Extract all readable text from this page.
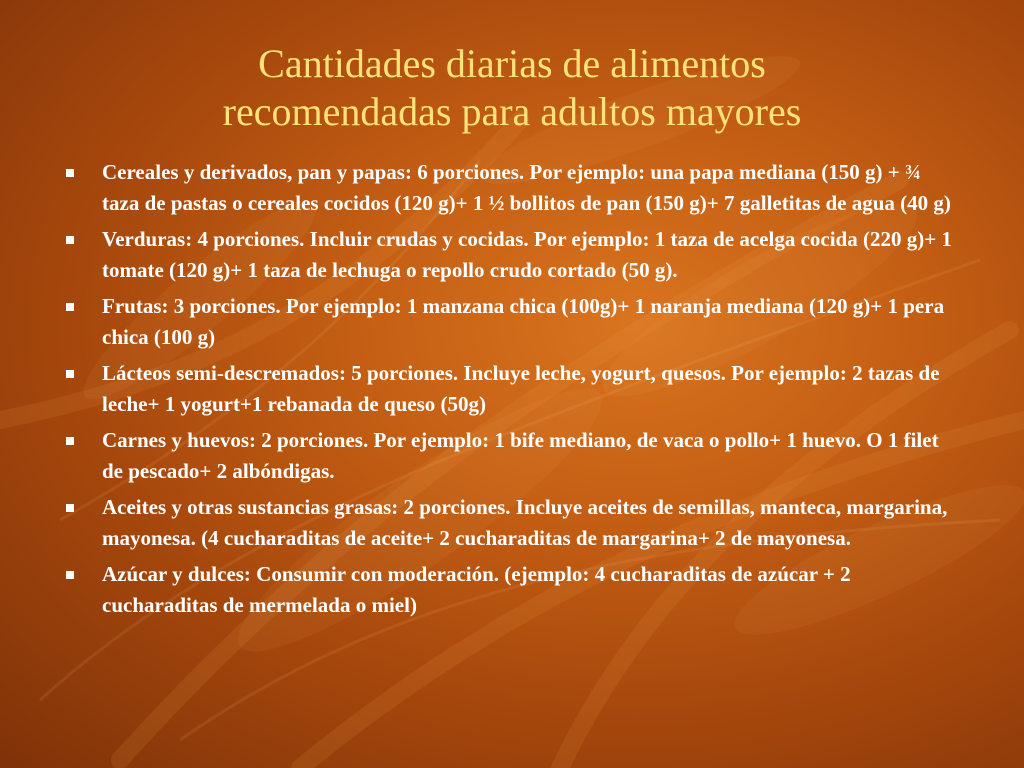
Cantidades diarias de alimentos
recomendadas para adultos mayores
Cereales y derivados, pan y papas: 6 porciones. Por ejemplo: una papa mediana (150 g) + ¾ taza de pastas o cereales cocidos (120 g)+ 1 ½ bollitos de pan (150 g)+ 7 galletitas de agua (40 g)
Verduras: 4 porciones. Incluir crudas y cocidas. Por ejemplo: 1 taza de acelga cocida (220 g)+ 1 tomate (120 g)+ 1 taza de lechuga o repollo crudo cortado (50 g).
Frutas: 3 porciones. Por ejemplo: 1 manzana chica (100g)+ 1 naranja mediana (120 g)+ 1 pera chica (100 g)
Lácteos semi-descremados: 5 porciones. Incluye leche, yogurt, quesos. Por ejemplo: 2 tazas de leche+ 1 yogurt+1 rebanada de queso (50g)
Carnes y huevos: 2 porciones. Por ejemplo: 1 bife mediano, de vaca o pollo+ 1 huevo. O 1 filet de pescado+ 2 albóndigas.
Aceites y otras sustancias grasas: 2 porciones. Incluye aceites de semillas, manteca, margarina, mayonesa. (4 cucharaditas de aceite+ 2 cucharaditas de margarina+ 2 de mayonesa.
Azúcar y dulces: Consumir con moderación. (ejemplo: 4 cucharaditas de azúcar + 2 cucharaditas de mermelada o miel)
